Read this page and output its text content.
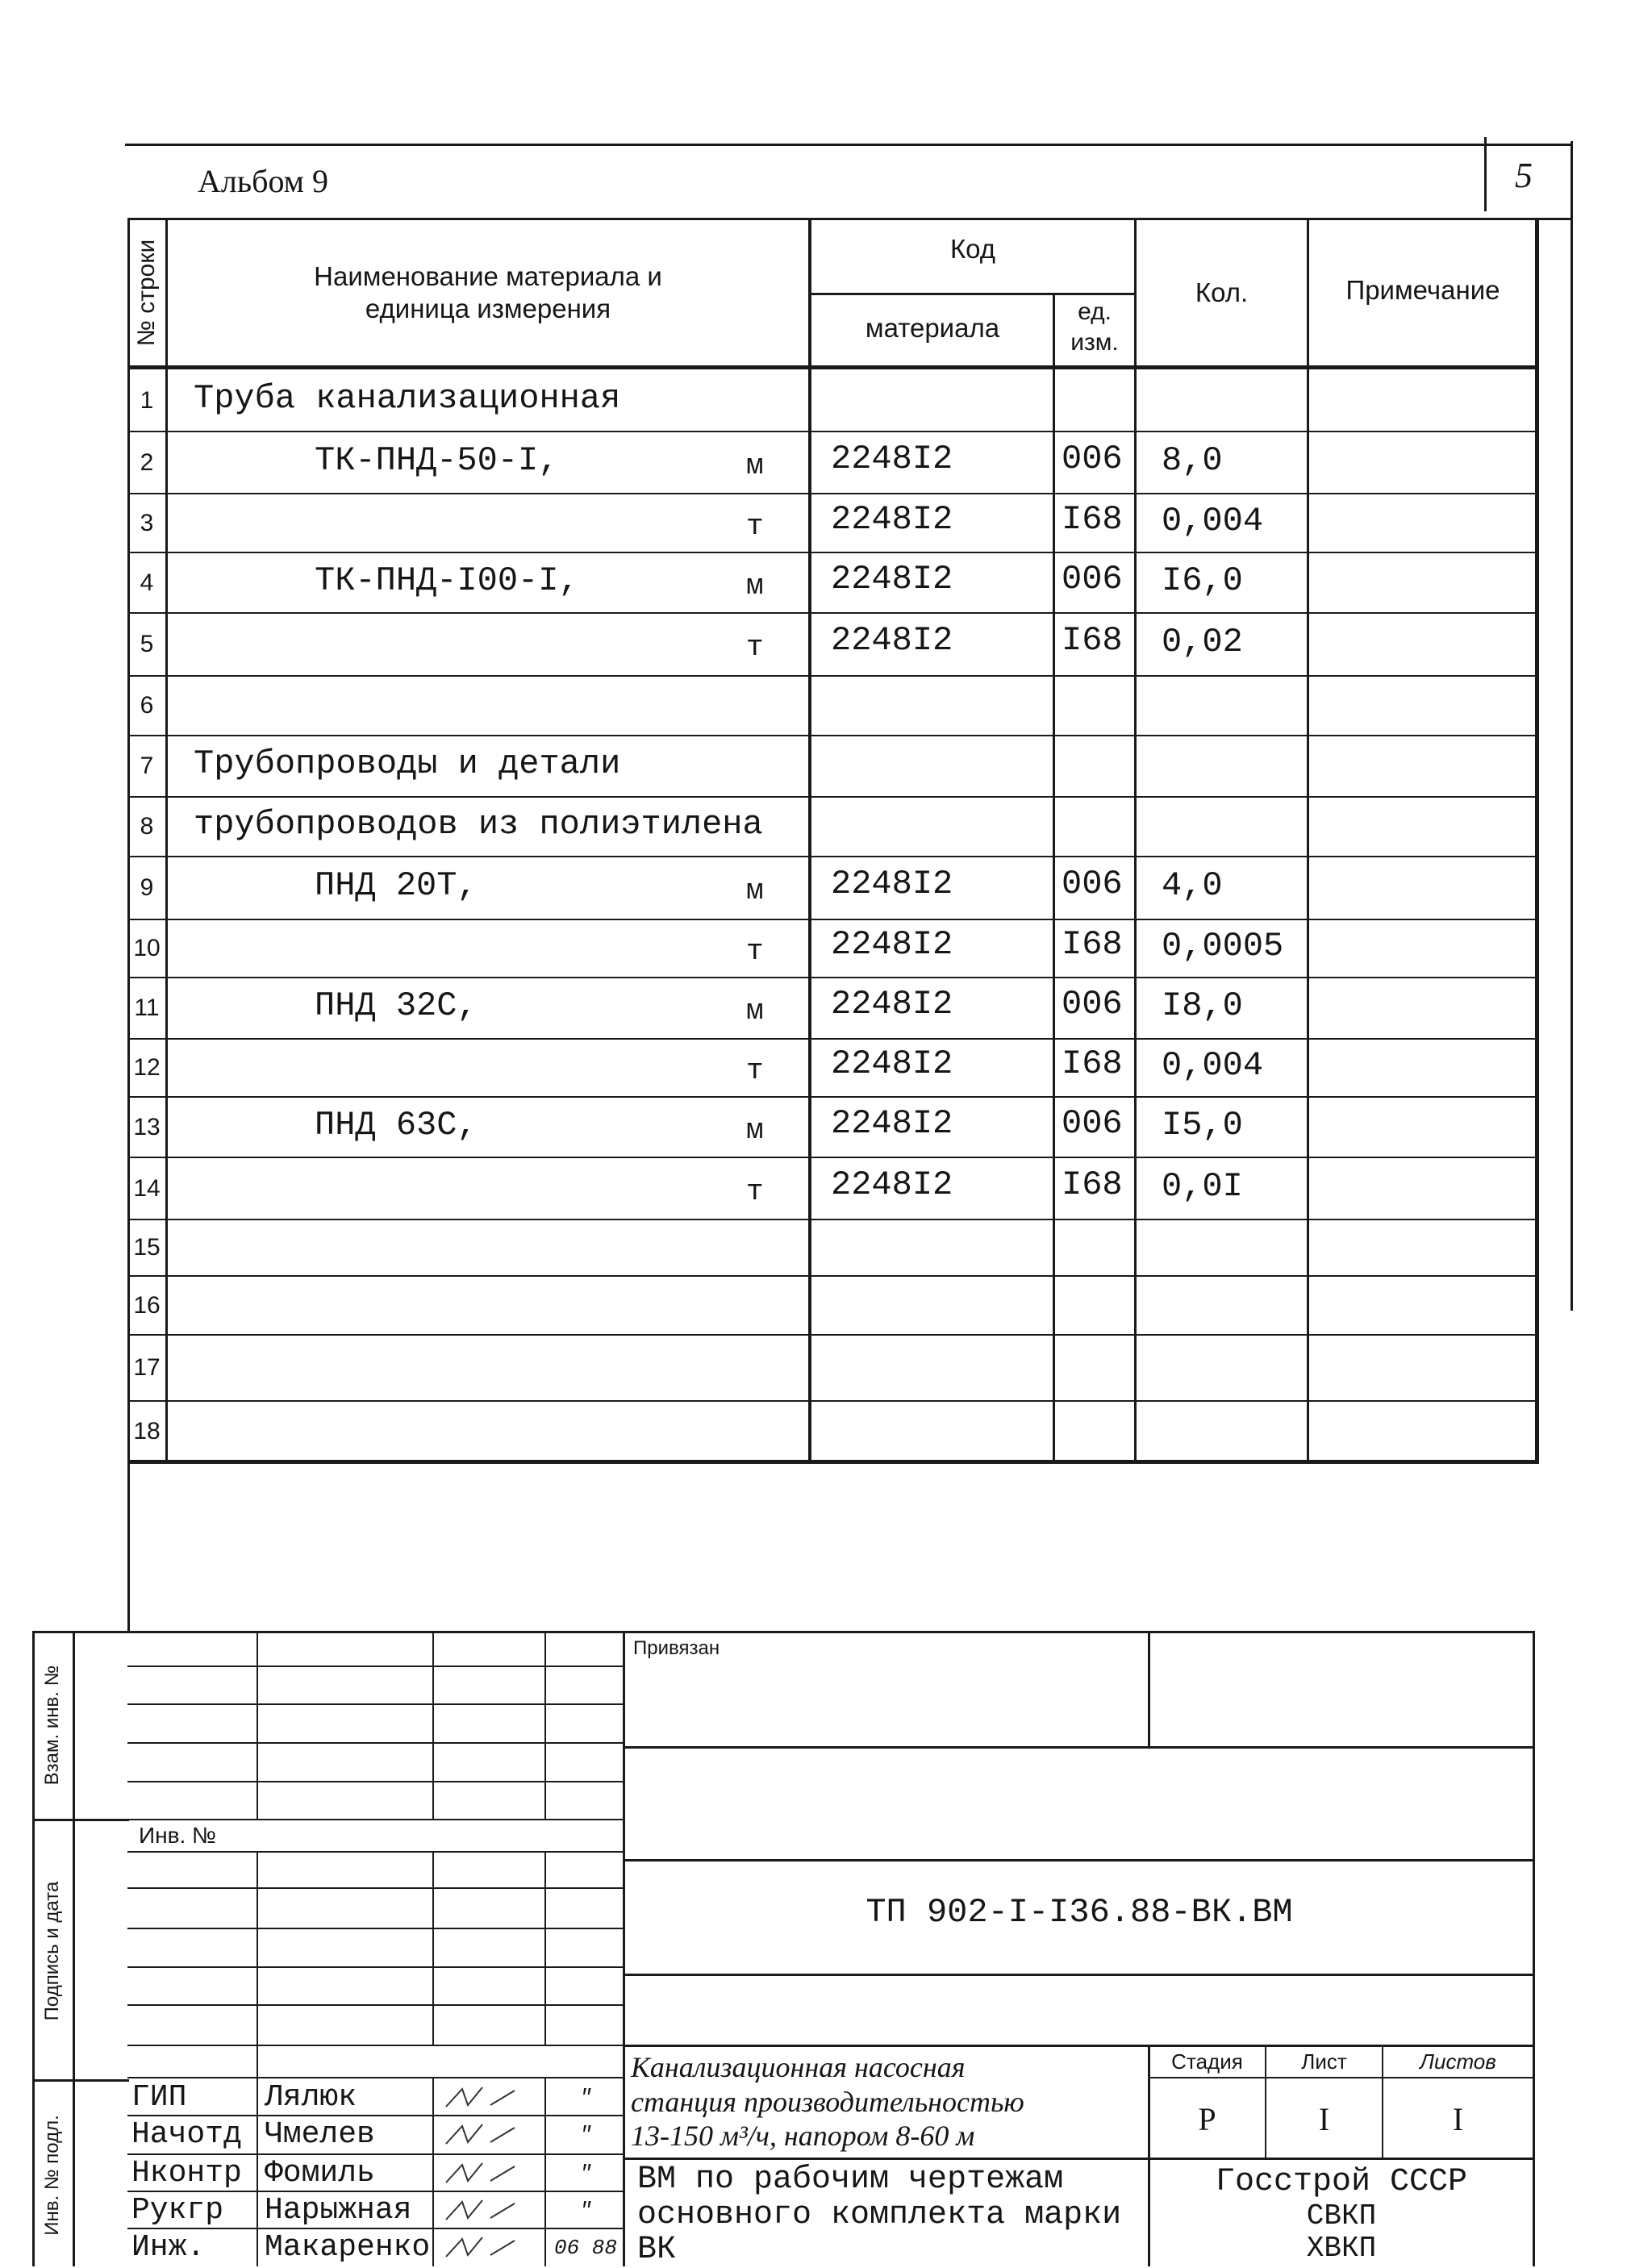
Альбом 9	5
№ строки	Наименование материала и
единица измерения
Код
материала
ед.
изм.
Кол.	Примечание
1 Труба канализационная
2	ТК-ПНД-50-I,	м 2248I2	006 8,0
3	т 2248I2	I68 0,004
4	ТК-ПНД-I00-I,	м 2248I2	006 I6,0
5	т 2248I2	I68 0,02
6
7 Трубопроводы и детали
8 трубопроводов из полиэтилена
9	ПНД 20Т,	м 2248I2	006 4,0
10	т 2248I2	I68 0,0005
11	ПНД 32С,	м 2248I2	006 I8,0
12	т 2248I2	I68 0,004
13	ПНД 63С,	м 2248I2	006 I5,0
14	т 2248I2	I68 0,0I
15
16
17
18
Взам. инв. №
Подпись и дата
Инв. № подл.
Инв. №
Привязан
ТП 902-I-I36.88-ВК.ВМ
Канализационная насосная
станция производительностью
13-150 м³/ч, напором 8-60 м
Стадия	Лист	Листов
Р	I	I
ВМ по рабочим чертежам
основного комплекта марки
ВК
Госстрой СССР
СВКП
ХВКП
ГИП	Лялюк	"
Начотд Чмелев	"
Нконтр Фомиль	"
Рукгр Нарыжная	"
Инж. Макаренко	06 88
